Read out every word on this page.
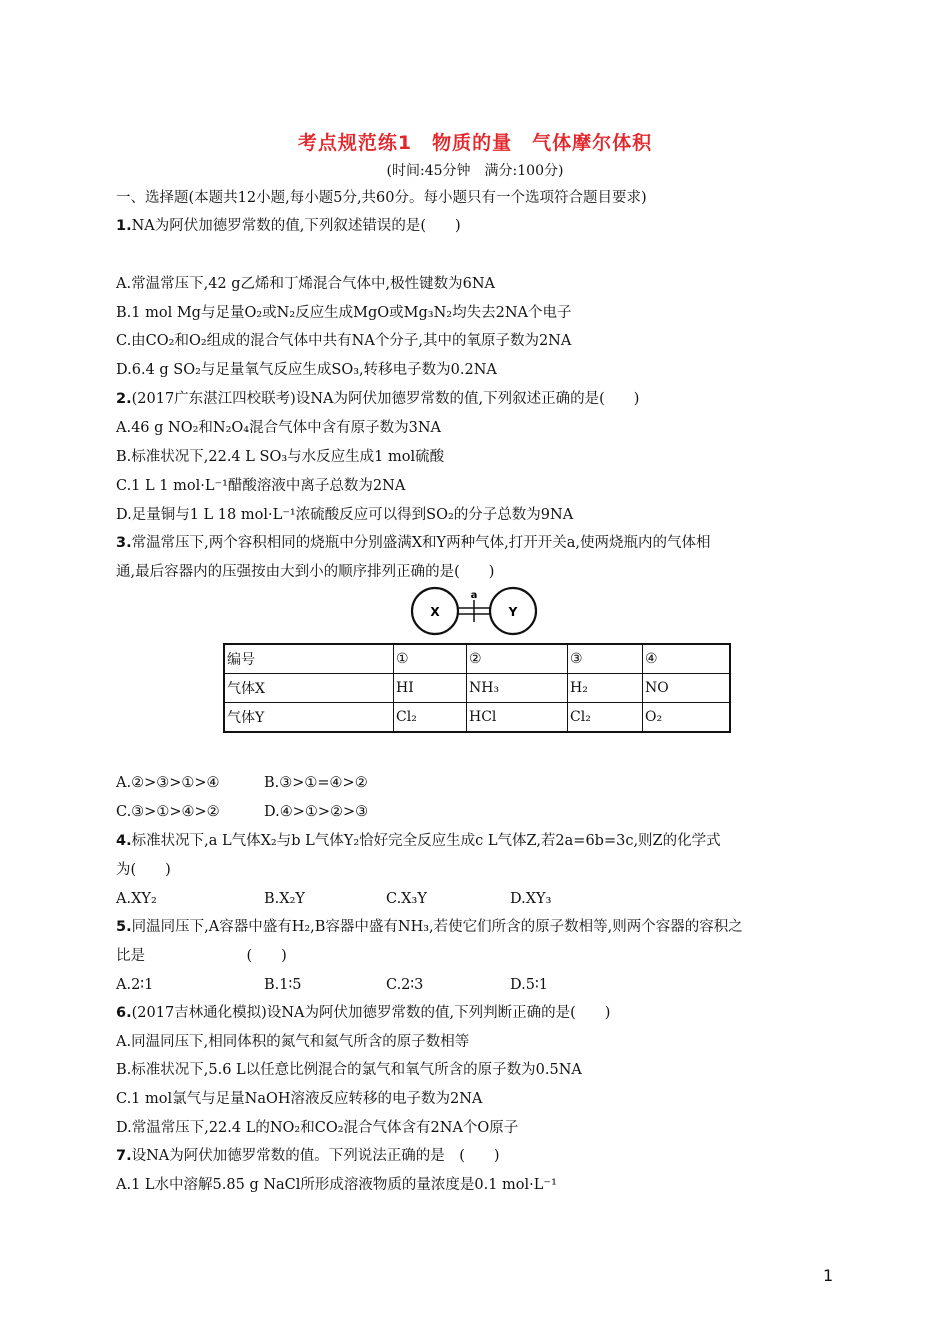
考点规范练1　物质的量　气体摩尔体积
(时间:45分钟　满分:100分)
一、选择题(本题共12小题,每小题5分,共60分。每小题只有一个选项符合题目要求)
1.NA为阿伏加德罗常数的值,下列叙述错误的是(　　)
A.常温常压下,42 g乙烯和丁烯混合气体中,极性键数为6NA
B.1 mol Mg与足量O₂或N₂反应生成MgO或Mg₃N₂均失去2NA个电子
C.由CO₂和O₂组成的混合气体中共有NA个分子,其中的氧原子数为2NA
D.6.4 g SO₂与足量氧气反应生成SO₃,转移电子数为0.2NA
2.(2017广东湛江四校联考)设NA为阿伏加德罗常数的值,下列叙述正确的是(　　)
A.46 g NO₂和N₂O₄混合气体中含有原子数为3NA
B.标准状况下,22.4 L SO₃与水反应生成1 mol硫酸
C.1 L 1 mol·L⁻¹醋酸溶液中离子总数为2NA
D.足量铜与1 L 18 mol·L⁻¹浓硫酸反应可以得到SO₂的分子总数为9NA
3.常温常压下,两个容积相同的烧瓶中分别盛满X和Y两种气体,打开开关a,使两烧瓶内的气体相
通,最后容器内的压强按由大到小的顺序排列正确的是(　　)
X	Y
a
编号	①	②	③	④
气体X	HI	NH₃	H₂	NO
气体Y	Cl₂	HCl	Cl₂	O₂
A.②>③>①>④	B.③>①=④>②
C.③>①>④>②	D.④>①>②>③
4.标准状况下,a L气体X₂与b L气体Y₂恰好完全反应生成c L气体Z,若2a=6b=3c,则Z的化学式
为(　　)
A.XY₂	B.X₂Y	C.X₃Y	D.XY₃
5.同温同压下,A容器中盛有H₂,B容器中盛有NH₃,若使它们所含的原子数相等,则两个容器的容积之
比是　　　　　　　(　　)
A.2∶1	B.1∶5	C.2∶3	D.5∶1
6.(2017吉林通化模拟)设NA为阿伏加德罗常数的值,下列判断正确的是(　　)
A.同温同压下,相同体积的氮气和氦气所含的原子数相等
B.标准状况下,5.6 L以任意比例混合的氯气和氧气所含的原子数为0.5NA
C.1 mol氯气与足量NaOH溶液反应转移的电子数为2NA
D.常温常压下,22.4 L的NO₂和CO₂混合气体含有2NA个O原子
7.设NA为阿伏加德罗常数的值。下列说法正确的是　(　　)
A.1 L水中溶解5.85 g NaCl所形成溶液物质的量浓度是0.1 mol·L⁻¹
1
